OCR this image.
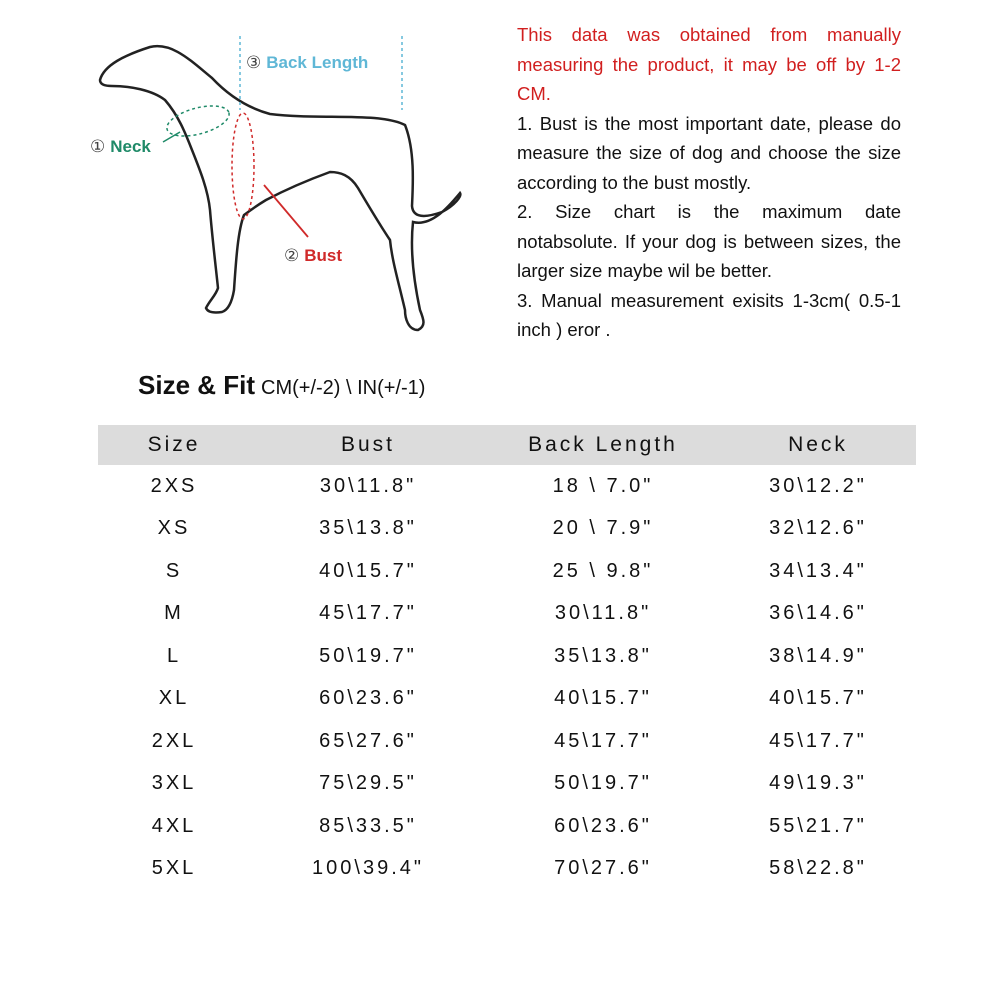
③ Back Length
① Neck
② Bust

This data was obtained from manually measuring the product, it may be off by 1-2 CM.

1. Bust is the most important date, please do measure the size of dog and choose the size according to the bust mostly.

2. Size chart is the maximum date notabsolute. If your dog is between sizes, the larger size maybe wil be better.

3. Manual measurement exisits 1-3cm( 0.5-1 inch ) eror .

Size & Fit CM(+/-2) \ IN(+/-1)
Size	Bust	Back Length	Neck
2XS	30\11.8"	18 \ 7.0"	30\12.2"
XS	35\13.8"	20 \ 7.9"	32\12.6"
S	40\15.7"	25 \ 9.8"	34\13.4"
M	45\17.7"	30\11.8"	36\14.6"
L	50\19.7"	35\13.8"	38\14.9"
XL	60\23.6"	40\15.7"	40\15.7"
2XL	65\27.6"	45\17.7"	45\17.7"
3XL	75\29.5"	50\19.7"	49\19.3"
4XL	85\33.5"	60\23.6"	55\21.7"
5XL	100\39.4"	70\27.6"	58\22.8"
